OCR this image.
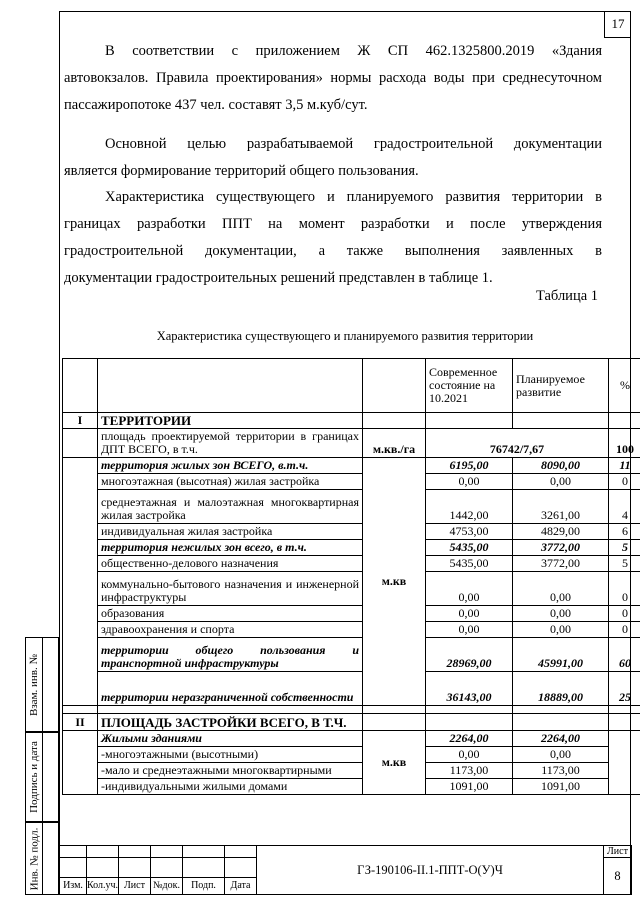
17
В соответствии с приложением Ж СП 462.1325800.2019 «Здания
автовокзалов. Правила проектирования» нормы расхода воды при среднесуточном
пассажиропотоке 437 чел. составят 3,5 м.куб/сут.
Основной целью разрабатываемой градостроительной документации
является формирование территорий общего пользования.
Характеристика существующего и планируемого развития территории в
границах разработки ППТ на момент разработки и после утверждения
градостроительной документации, а также выполнения заявленных в
документации градостроительных решений представлен в таблице 1.
Таблица 1
Характеристика существующего и планируемого развития территории
			Современное состояние на 10.2021	Планируемое развитие	%
I	ТЕРРИТОРИИ				
	площадь проектируемой территории в границах ДПТ ВСЕГО, в т.ч.	м.кв./га	76742/7,67		100
	территория жилых зон ВСЕГО, в.т.ч.	м.кв	6195,00	8090,00	11
	многоэтажная (высотная) жилая застройка		0,00	0,00	0
	среднеэтажная и малоэтажная многоквартирная жилая застройка		1442,00	3261,00	4
	индивидуальная жилая застройка		4753,00	4829,00	6
	территория нежилых зон всего, в т.ч.		5435,00	3772,00	5
	общественно-делового назначения		5435,00	3772,00	5
	коммунально-бытового назначения и инженерной инфраструктуры		0,00	0,00	0
	образования		0,00	0,00	0
	здравоохранения и спорта		0,00	0,00	0
	территории общего пользования и транспортной инфраструктуры		28969,00	45991,00	60
	территории неразграниченной собственности		36143,00	18889,00	25

II	ПЛОЩАДЬ ЗАСТРОЙКИ ВСЕГО, В Т.Ч.				
	Жилыми зданиями	м.кв	2264,00	2264,00	
	-многоэтажными (высотными)		0,00	0,00	
	-мало и среднеэтажными многоквартирными		1173,00	1173,00	
	-индивидуальными жилыми домами		1091,00	1091,00	
Взам. инв. №
Подпись и дата
Инв. № подл.
							ГЗ-190106-II.1-ППТ-О(У)Ч	Лист
							8
Изм.	Кол.уч.	Лист	№док.	Подп.	Дата		
